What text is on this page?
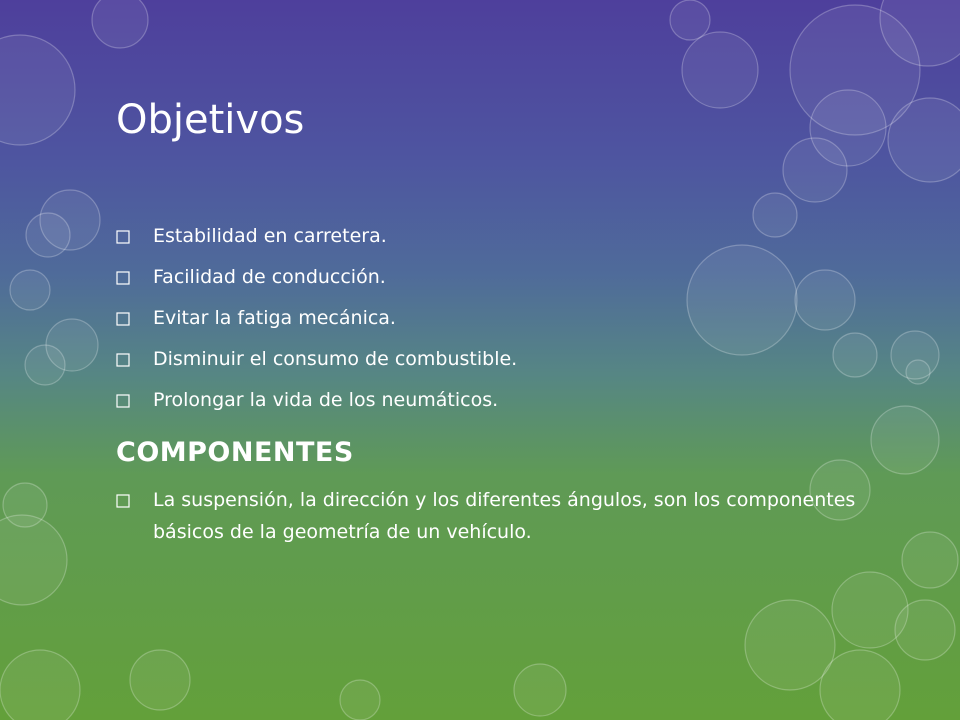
Objetivos
Estabilidad en carretera.
Facilidad de conducción.
Evitar la fatiga mecánica.
Disminuir el consumo de combustible.
Prolongar la vida de los neumáticos.
COMPONENTES
La suspensión, la dirección y los diferentes ángulos, son los componentes básicos de la geometría de un vehículo.
